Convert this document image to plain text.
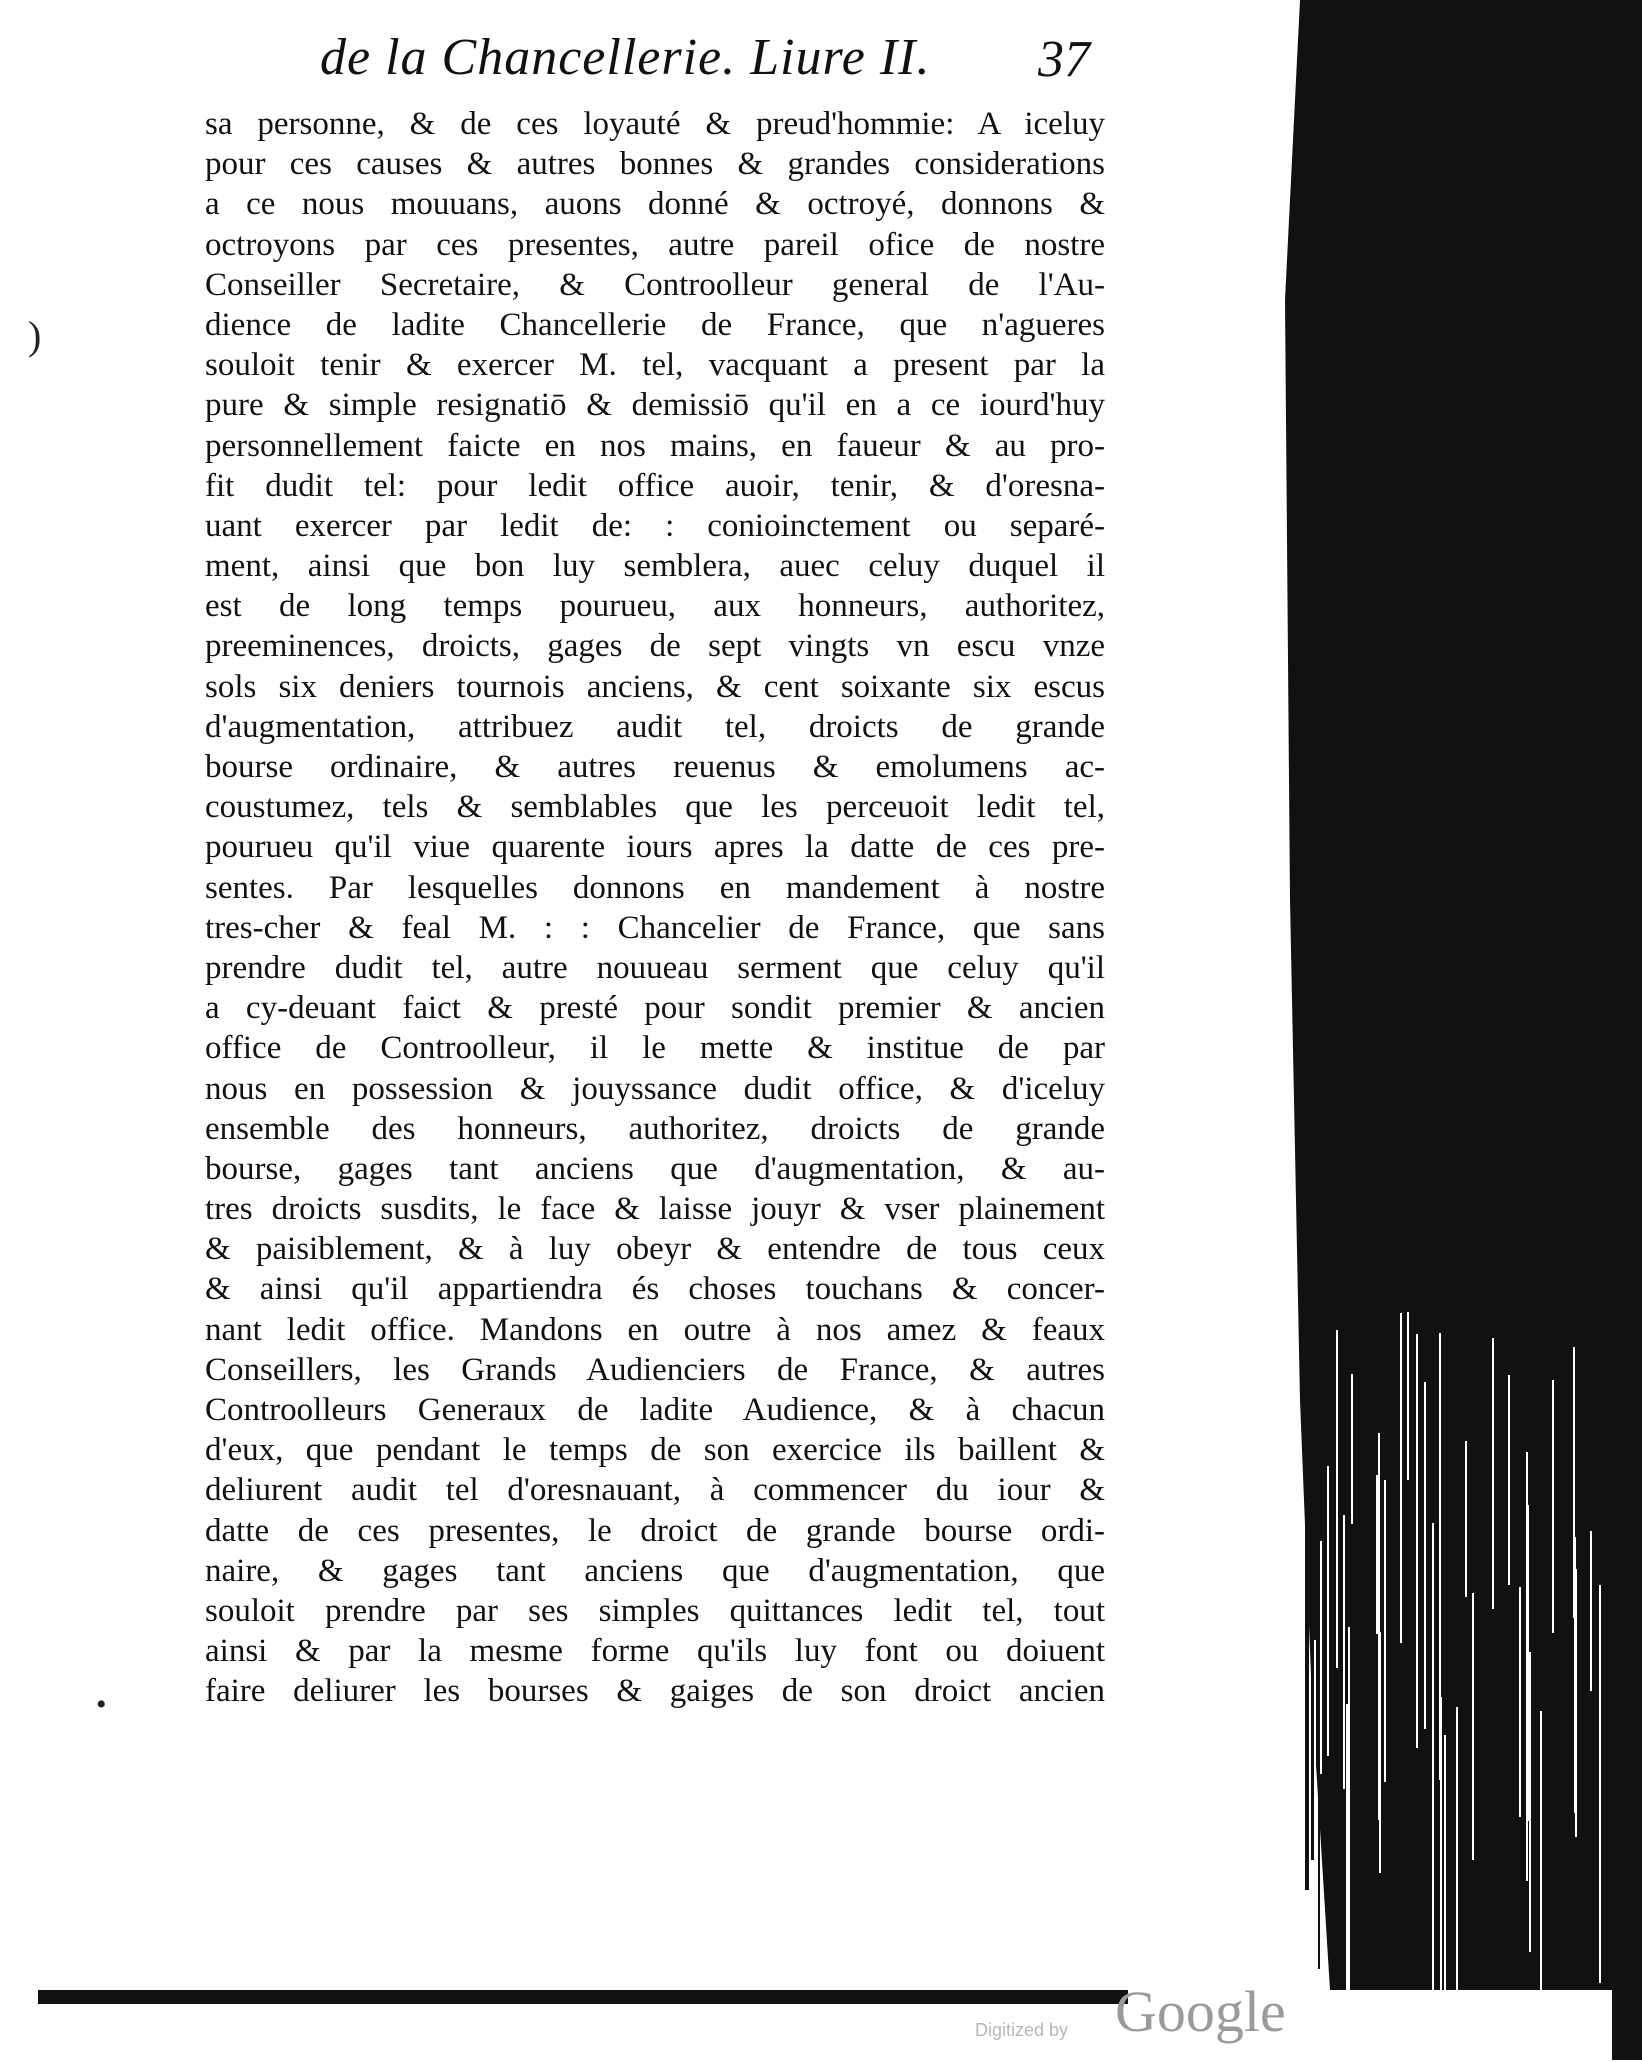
de la Chancellerie. Liure II. 37
sa personne, & de ces loyauté & preud'hommie: A iceluy
pour ces causes & autres bonnes & grandes considerations
a ce nous mouuans, auons donné & octroyé, donnons &
octroyons par ces presentes, autre pareil ofice de nostre
Conseiller Secretaire, & Controolleur general de l'Au-
dience de ladite Chancellerie de France, que n'agueres
souloit tenir & exercer M. tel, vacquant a present par la
pure & simple resignatiō & demissiō qu'il en a ce iourd'huy
personnellement faicte en nos mains, en faueur & au pro-
fit dudit tel: pour ledit office auoir, tenir, & d'oresna-
uant exercer par ledit de: : conioinctement ou separé-
ment, ainsi que bon luy semblera, auec celuy duquel il
est de long temps pourueu, aux honneurs, authoritez,
preeminences, droicts, gages de sept vingts vn escu vnze
sols six deniers tournois anciens, & cent soixante six escus
d'augmentation, attribuez audit tel, droicts de grande
bourse ordinaire, & autres reuenus & emolumens ac-
coustumez, tels & semblables que les perceuoit ledit tel,
pourueu qu'il viue quarente iours apres la datte de ces pre-
sentes. Par lesquelles donnons en mandement à nostre
tres-cher & feal M. : : Chancelier de France, que sans
prendre dudit tel, autre nouueau serment que celuy qu'il
a cy-deuant faict & presté pour sondit premier & ancien
office de Controolleur, il le mette & institue de par
nous en possession & jouyssance dudit office, & d'iceluy
ensemble des honneurs, authoritez, droicts de grande
bourse, gages tant anciens que d'augmentation, & au-
tres droicts susdits, le face & laisse jouyr & vser plainement
& paisiblement, & à luy obeyr & entendre de tous ceux
& ainsi qu'il appartiendra és choses touchans & concer-
nant ledit office. Mandons en outre à nos amez & feaux
Conseillers, les Grands Audienciers de France, & autres
Controolleurs Generaux de ladite Audience, & à chacun
d'eux, que pendant le temps de son exercice ils baillent &
deliurent audit tel d'oresnauant, à commencer du iour &
datte de ces presentes, le droict de grande bourse ordi-
naire, & gages tant anciens que d'augmentation, que
souloit prendre par ses simples quittances ledit tel, tout
ainsi & par la mesme forme qu'ils luy font ou doiuent
faire deliurer les bourses & gaiges de son droict ancien
)
•
Digitized by Google
